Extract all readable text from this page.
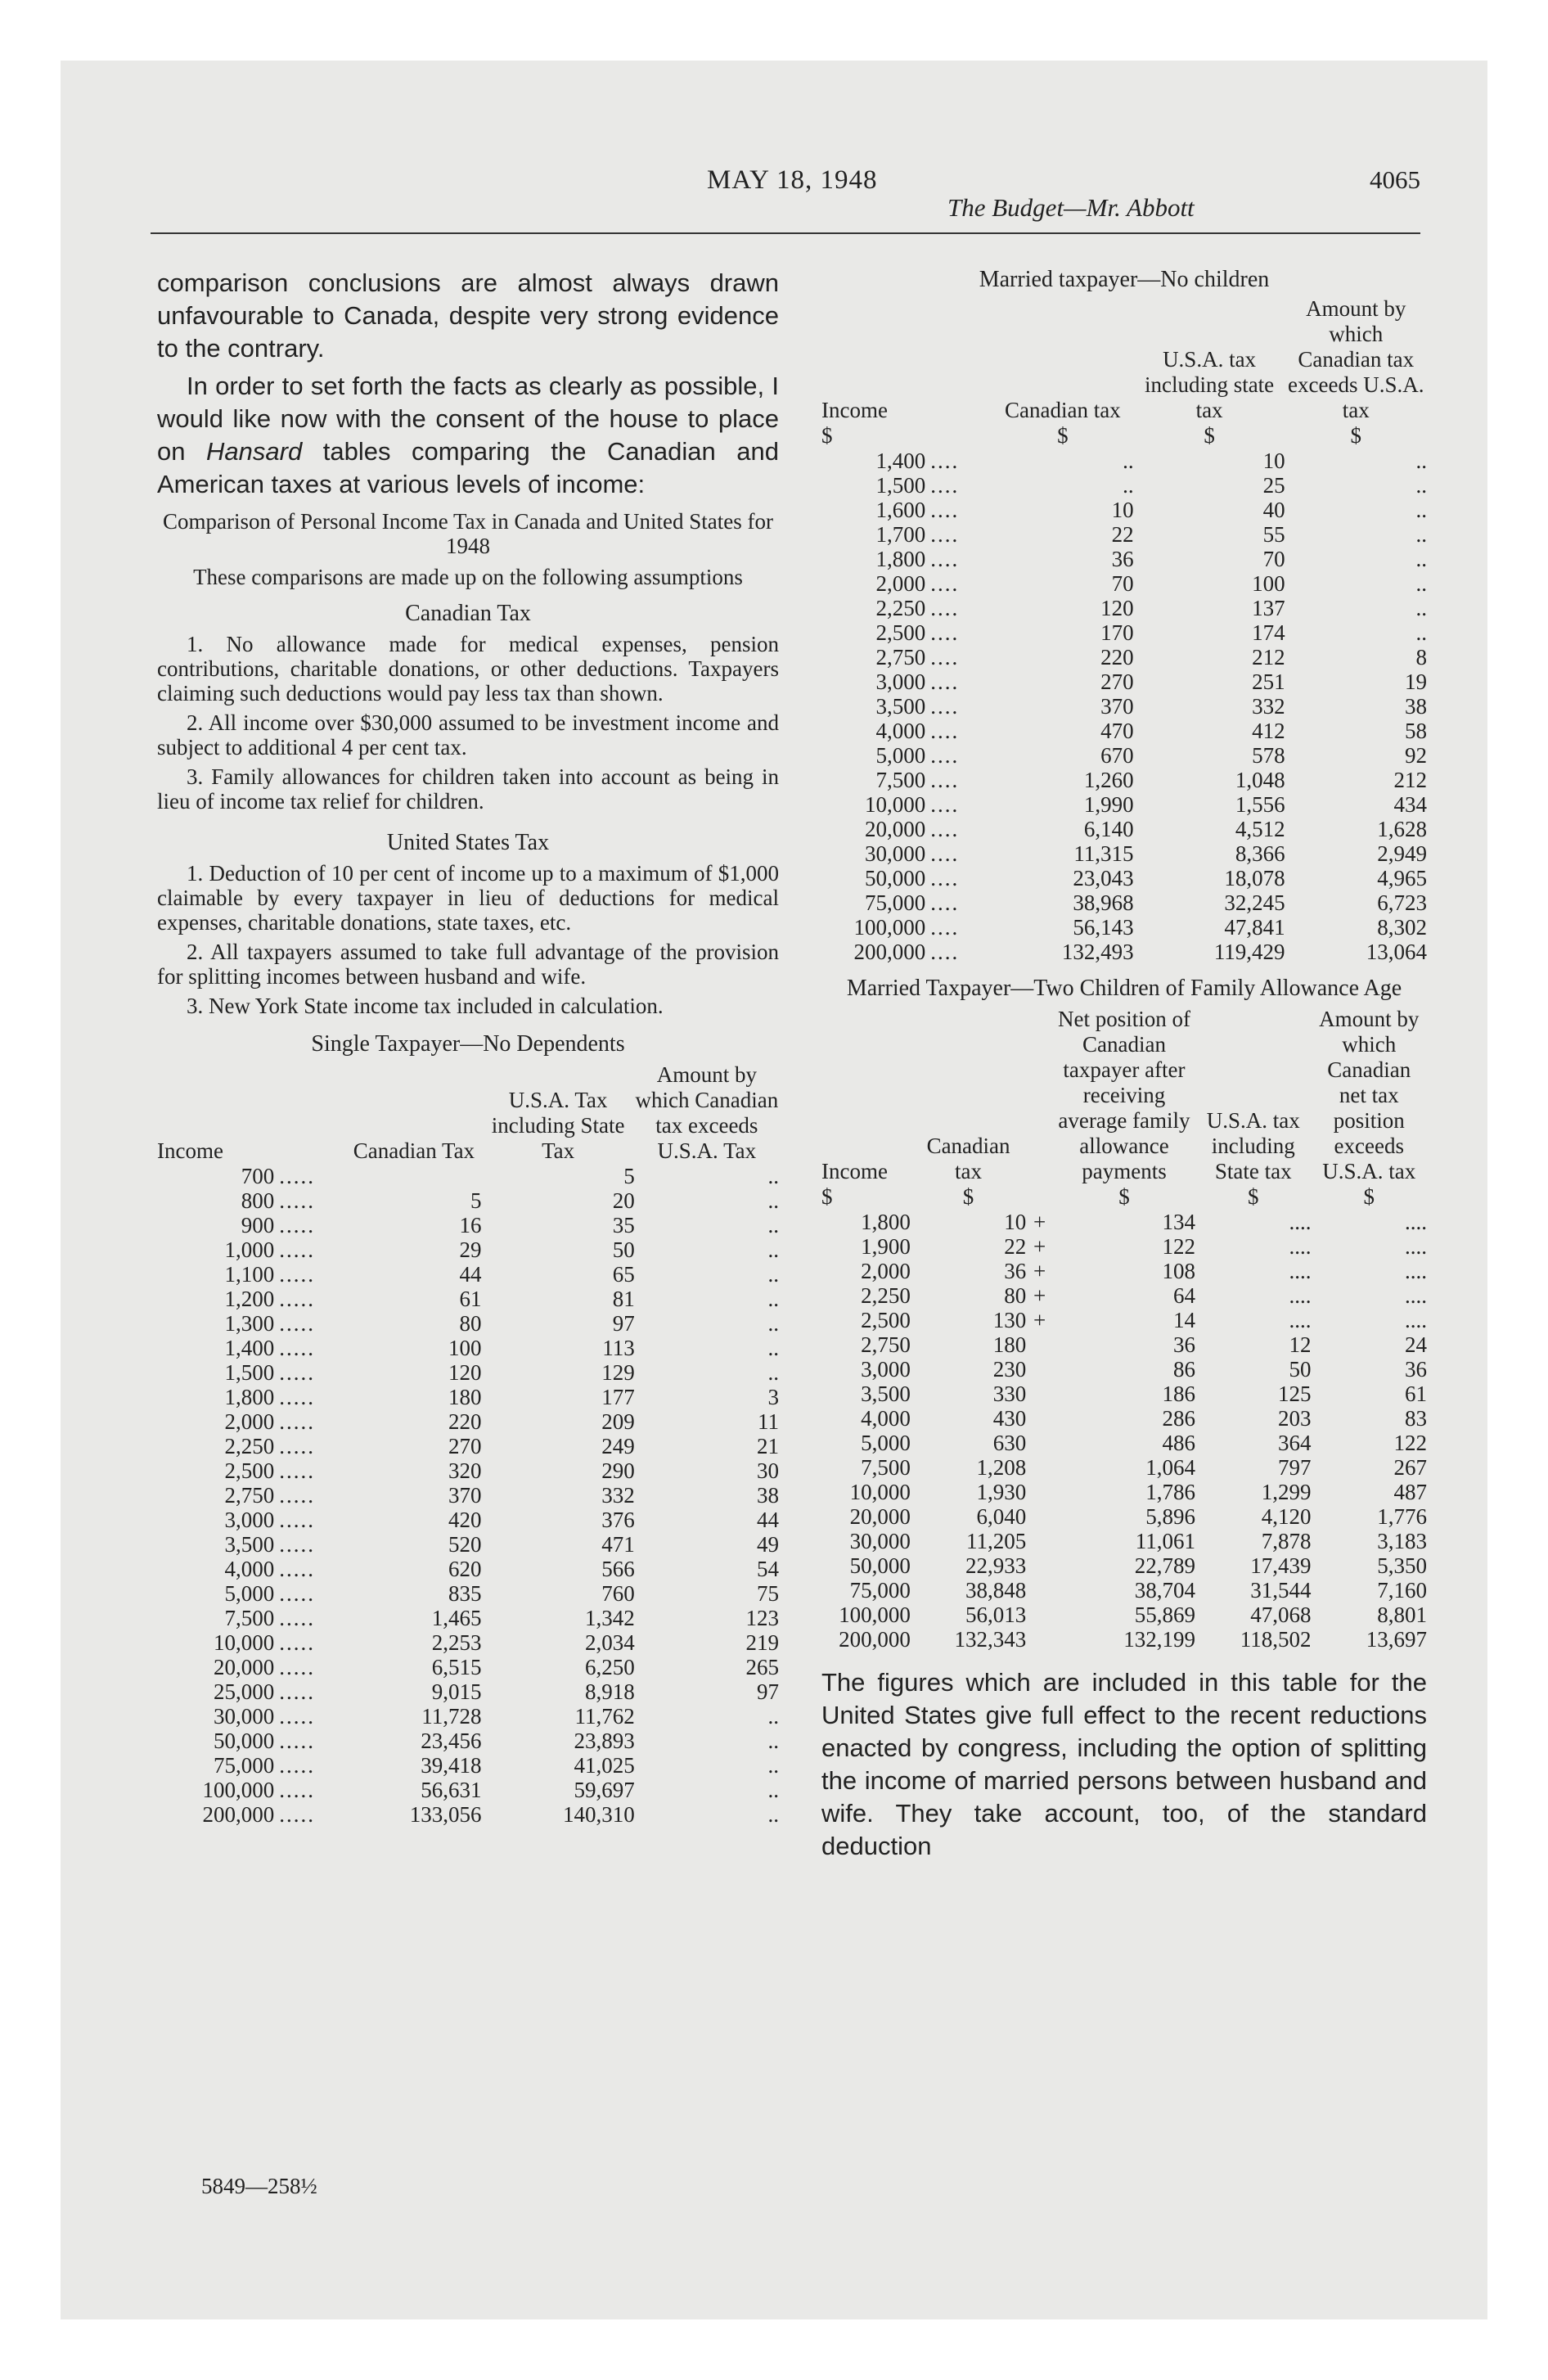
MAY 18, 1948
The Budget—Mr. Abbott
4065

comparison conclusions are almost always drawn unfavourable to Canada, despite very strong evidence to the contrary.

In order to set forth the facts as clearly as possible, I would like now with the consent of the house to place on Hansard tables comparing the Canadian and American taxes at various levels of income:

Comparison of Personal Income Tax in Canada and United States for 1948

These comparisons are made up on the following assumptions

Canadian Tax

1. No allowance made for medical expenses, pension contributions, charitable donations, or other deductions. Taxpayers claiming such deductions would pay less tax than shown.

2. All income over $30,000 assumed to be investment income and subject to additional 4 per cent tax.

3. Family allowances for children taken into account as being in lieu of income tax relief for children.

United States Tax

1. Deduction of 10 per cent of income up to a maximum of $1,000 claimable by every taxpayer in lieu of deductions for medical expenses, charitable donations, state taxes, etc.

2. All taxpayers assumed to take full advantage of the provision for splitting incomes between husband and wife.

3. New York State income tax included in calculation.

Single Taxpayer—No Dependents

Income		Canadian Tax	U.S.A. Tax including State Tax	Amount by which Canadian tax exceeds U.S.A. Tax
700	.....		5	..
800	.....	5	20	..
900	.....	16	35	..
1,000	.....	29	50	..
1,100	.....	44	65	..
1,200	.....	61	81	..
1,300	.....	80	97	..
1,400	.....	100	113	..
1,500	.....	120	129	..
1,800	.....	180	177	3
2,000	.....	220	209	11
2,250	.....	270	249	21
2,500	.....	320	290	30
2,750	.....	370	332	38
3,000	.....	420	376	44
3,500	.....	520	471	49
4,000	.....	620	566	54
5,000	.....	835	760	75
7,500	.....	1,465	1,342	123
10,000	.....	2,253	2,034	219
20,000	.....	6,515	6,250	265
25,000	.....	9,015	8,918	97
30,000	.....	11,728	11,762	..
50,000	.....	23,456	23,893	..
75,000	.....	39,418	41,025	..
100,000	.....	56,631	59,697	..
200,000	.....	133,056	140,310	..

Married taxpayer—No children

Income		Canadian tax	U.S.A. tax including state tax	Amount by which Canadian tax exceeds U.S.A. tax
$		$	$	$
1,400	....	..	10	..
1,500	....	..	25	..
1,600	....	10	40	..
1,700	....	22	55	..
1,800	....	36	70	..
2,000	....	70	100	..
2,250	....	120	137	..
2,500	....	170	174	..
2,750	....	220	212	8
3,000	....	270	251	19
3,500	....	370	332	38
4,000	....	470	412	58
5,000	....	670	578	92
7,500	....	1,260	1,048	212
10,000	....	1,990	1,556	434
20,000	....	6,140	4,512	1,628
30,000	....	11,315	8,366	2,949
50,000	....	23,043	18,078	4,965
75,000	....	38,968	32,245	6,723
100,000	....	56,143	47,841	8,302
200,000	....	132,493	119,429	13,064

Married Taxpayer—Two Children of Family Allowance Age

Income	Canadian tax		Net position of Canadian taxpayer after receiving average family allowance payments	U.S.A. tax including State tax	Amount by which Canadian net tax position exceeds U.S.A. tax
$	$		$	$	$
1,800	10	+	134	....	....
1,900	22	+	122	....	....
2,000	36	+	108	....	....
2,250	80	+	64	....	....
2,500	130	+	14	....	....
2,750	180		36	12	24
3,000	230		86	50	36
3,500	330		186	125	61
4,000	430		286	203	83
5,000	630		486	364	122
7,500	1,208		1,064	797	267
10,000	1,930		1,786	1,299	487
20,000	6,040		5,896	4,120	1,776
30,000	11,205		11,061	7,878	3,183
50,000	22,933		22,789	17,439	5,350
75,000	38,848		38,704	31,544	7,160
100,000	56,013		55,869	47,068	8,801
200,000	132,343		132,199	118,502	13,697

The figures which are included in this table for the United States give full effect to the recent reductions enacted by congress, including the option of splitting the income of married persons between husband and wife. They take account, too, of the standard deduction

5849—258½
